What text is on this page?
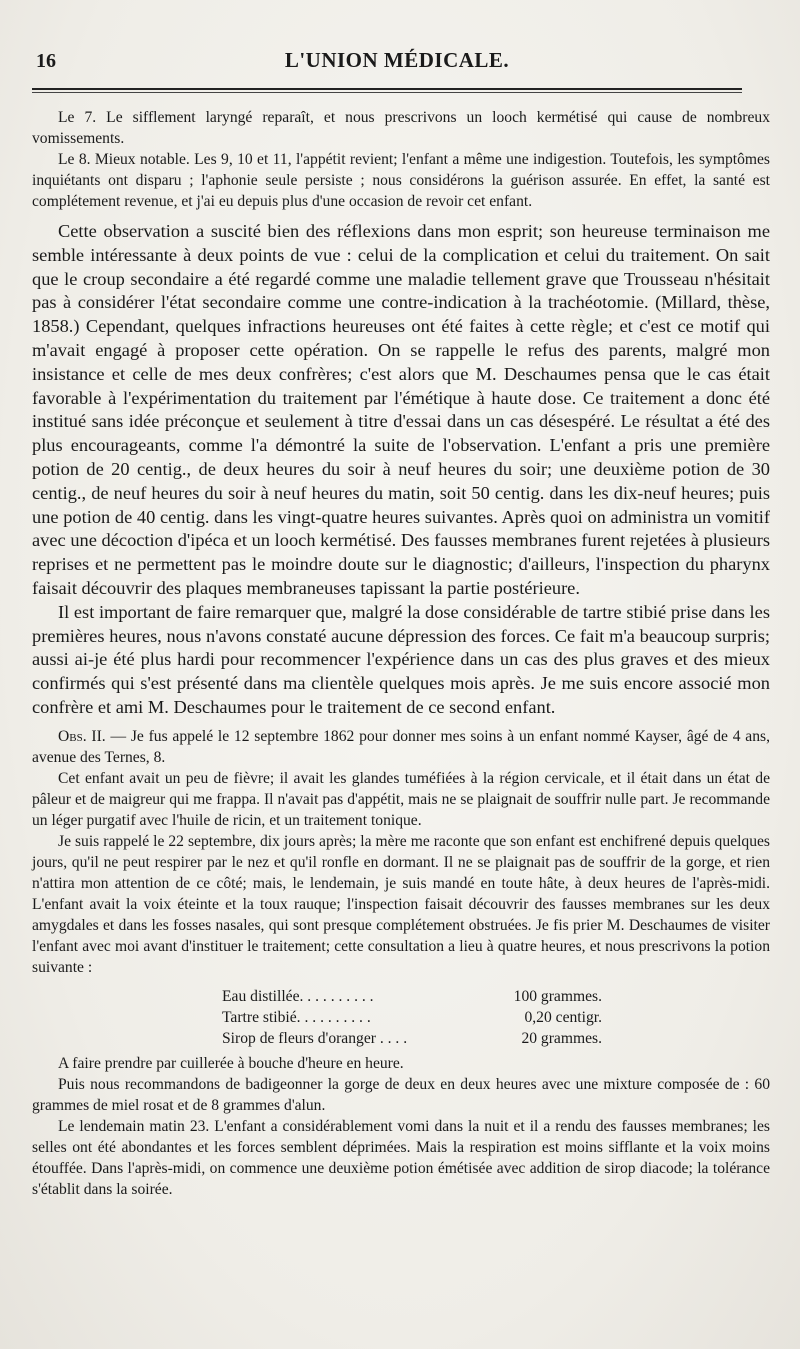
16	L'UNION MÉDICALE.

Le 7. Le sifflement laryngé reparaît, et nous prescrivons un looch kermétisé qui cause de nombreux vomissements.

Le 8. Mieux notable. Les 9, 10 et 11, l'appétit revient; l'enfant a même une indigestion. Toutefois, les symptômes inquiétants ont disparu ; l'aphonie seule persiste ; nous considérons la guérison assurée. En effet, la santé est complétement revenue, et j'ai eu depuis plus d'une occasion de revoir cet enfant.

Cette observation a suscité bien des réflexions dans mon esprit; son heureuse terminaison me semble intéressante à deux points de vue : celui de la complication et celui du traitement. On sait que le croup secondaire a été regardé comme une maladie tellement grave que Trousseau n'hésitait pas à considérer l'état secondaire comme une contre-indication à la trachéotomie. (Millard, thèse, 1858.) Cependant, quelques infractions heureuses ont été faites à cette règle; et c'est ce motif qui m'avait engagé à proposer cette opération. On se rappelle le refus des parents, malgré mon insistance et celle de mes deux confrères; c'est alors que M. Deschaumes pensa que le cas était favorable à l'expérimentation du traitement par l'émétique à haute dose. Ce traitement a donc été institué sans idée préconçue et seulement à titre d'essai dans un cas désespéré. Le résultat a été des plus encourageants, comme l'a démontré la suite de l'observation. L'enfant a pris une première potion de 20 centig., de deux heures du soir à neuf heures du soir; une deuxième potion de 30 centig., de neuf heures du soir à neuf heures du matin, soit 50 centig. dans les dix-neuf heures; puis une potion de 40 centig. dans les vingt-quatre heures suivantes. Après quoi on administra un vomitif avec une décoction d'ipéca et un looch kermétisé. Des fausses membranes furent rejetées à plusieurs reprises et ne permettent pas le moindre doute sur le diagnostic; d'ailleurs, l'inspection du pharynx faisait découvrir des plaques membraneuses tapissant la partie postérieure.

Il est important de faire remarquer que, malgré la dose considérable de tartre stibié prise dans les premières heures, nous n'avons constaté aucune dépression des forces. Ce fait m'a beaucoup surpris; aussi ai-je été plus hardi pour recommencer l'expérience dans un cas des plus graves et des mieux confirmés qui s'est présenté dans ma clientèle quelques mois après. Je me suis encore associé mon confrère et ami M. Deschaumes pour le traitement de ce second enfant.

Obs. II. — Je fus appelé le 12 septembre 1862 pour donner mes soins à un enfant nommé Kayser, âgé de 4 ans, avenue des Ternes, 8.

Cet enfant avait un peu de fièvre; il avait les glandes tuméfiées à la région cervicale, et il était dans un état de pâleur et de maigreur qui me frappa. Il n'avait pas d'appétit, mais ne se plaignait de souffrir nulle part. Je recommande un léger purgatif avec l'huile de ricin, et un traitement tonique.

Je suis rappelé le 22 septembre, dix jours après; la mère me raconte que son enfant est enchifrené depuis quelques jours, qu'il ne peut respirer par le nez et qu'il ronfle en dormant. Il ne se plaignait pas de souffrir de la gorge, et rien n'attira mon attention de ce côté; mais, le lendemain, je suis mandé en toute hâte, à deux heures de l'après-midi. L'enfant avait la voix éteinte et la toux rauque; l'inspection faisait découvrir des fausses membranes sur les deux amygdales et dans les fosses nasales, qui sont presque complétement obstruées. Je fis prier M. Deschaumes de visiter l'enfant avec moi avant d'instituer le traitement; cette consultation a lieu à quatre heures, et nous prescrivons la potion suivante :

Eau distillée. . . . . . . . . .	100 grammes.
Tartre stibié. . . . . . . . . .	0,20 centigr.
Sirop de fleurs d'oranger . . . .	20 grammes.

A faire prendre par cuillerée à bouche d'heure en heure.

Puis nous recommandons de badigeonner la gorge de deux en deux heures avec une mixture composée de : 60 grammes de miel rosat et de 8 grammes d'alun.

Le lendemain matin 23. L'enfant a considérablement vomi dans la nuit et il a rendu des fausses membranes; les selles ont été abondantes et les forces semblent déprimées. Mais la respiration est moins sifflante et la voix moins étouffée. Dans l'après-midi, on commence une deuxième potion émétisée avec addition de sirop diacode; la tolérance s'établit dans la soirée.
